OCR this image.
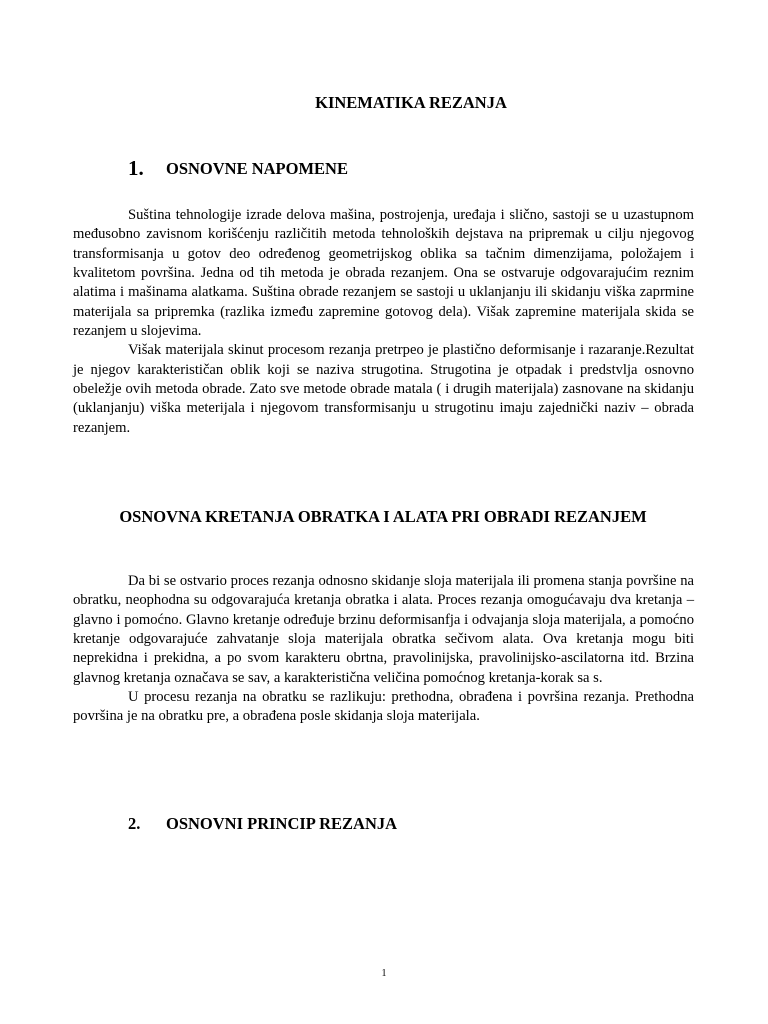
KINEMATIKA REZANJA
1. OSNOVNE NAPOMENE

Suština tehnologije izrade delova mašina, postrojenja, uređaja i slično, sastoji se u uzastupnom međusobno zavisnom korišćenju različitih metoda tehnoloških dejstava na pripremak u cilju njegovog transformisanja u gotov deo određenog geometrijskog oblika sa tačnim dimenzijama, položajem i kvalitetom površina. Jedna od tih metoda je obrada rezanjem. Ona se ostvaruje odgovarajućim reznim alatima i mašinama alatkama. Suština obrade rezanjem se sastoji u uklanjanju ili skidanju viška zaprmine materijala sa pripremka (razlika između zapremine gotovog dela). Višak zapremine materijala skida se rezanjem u slojevima.

Višak materijala skinut procesom rezanja pretrpeo je plastično deformisanje i razaranje.Rezultat je njegov karakterističan oblik koji se naziva strugotina. Strugotina je otpadak i predstvlja osnovno obeležje ovih metoda obrade. Zato sve metode obrade matala ( i drugih materijala) zasnovane na skidanju (uklanjanju) viška meterijala i njegovom transformisanju u strugotinu imaju zajednički naziv – obrada rezanjem.

OSNOVNA KRETANJA OBRATKA I ALATA PRI OBRADI REZANJEM

Da bi se ostvario proces rezanja odnosno skidanje sloja materijala ili promena stanja površine na obratku, neophodna su odgovarajuća kretanja obratka i alata. Proces rezanja omogućavaju dva kretanja – glavno i pomoćno. Glavno kretanje određuje brzinu deformisanfja i odvajanja sloja materijala, a pomoćno kretanje odgovarajuće zahvatanje sloja materijala obratka sečivom alata. Ova kretanja mogu biti neprekidna i prekidna, a po svom karakteru obrtna, pravolinijska, pravolinijsko-ascilatorna itd. Brzina glavnog kretanja označava se sav, a karakteristična veličina pomoćnog kretanja-korak sa s.

U procesu rezanja na obratku se razlikuju: prethodna, obrađena i površina rezanja. Prethodna površina je na obratku pre, a obrađena posle skidanja sloja materijala.

2. OSNOVNI PRINCIP REZANJA
1
